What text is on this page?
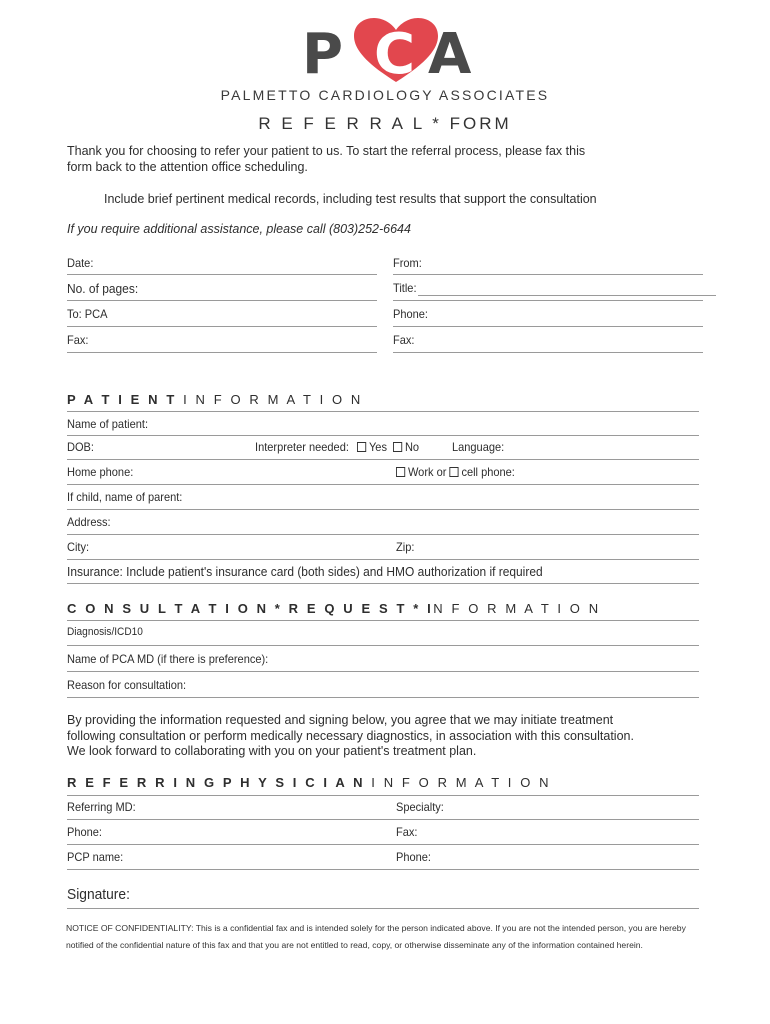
P C A
PALMETTO CARDIOLOGY ASSOCIATES
R E F E R R A L * FORM
Thank you for choosing to refer your patient to us. To start the referral process, please fax this
form back to the attention office scheduling.
Include brief pertinent medical records, including test results that support the consultation
If you require additional assistance, please call (803)252-6644
Date:	From:
No. of pages:	Title:
To: PCA	Phone:
Fax:	Fax:
P A T I E N T I N F O R M A T I O N
Name of patient:
DOB:	Interpreter needed:	Yes	No	Language:
Home phone:	Work or cell phone:
If child, name of parent:
Address:
City:	Zip:
Insurance: Include patient's insurance card (both sides) and HMO authorization if required
C O N S U L T A T I O N * R E Q U E S T * IN F O R M A T I O N
Diagnosis/ICD10
Name of PCA MD (if there is preference):
Reason for consultation:
By providing the information requested and signing below, you agree that we may initiate treatment
following consultation or perform medically necessary diagnostics, in association with this consultation.
We look forward to collaborating with you on your patient's treatment plan.
R E F E R R I N G P H Y S I C I A N I N F O R M A T I O N
Referring MD:	Specialty:
Phone:	Fax:
PCP name:	Phone:
Signature:
NOTICE OF CONFIDENTIALITY: This is a confidential fax and is intended solely for the person indicated above. If you are not the intended person, you are hereby notified of the confidential nature of this fax and that you are not entitled to read, copy, or otherwise disseminate any of the information contained herein.
